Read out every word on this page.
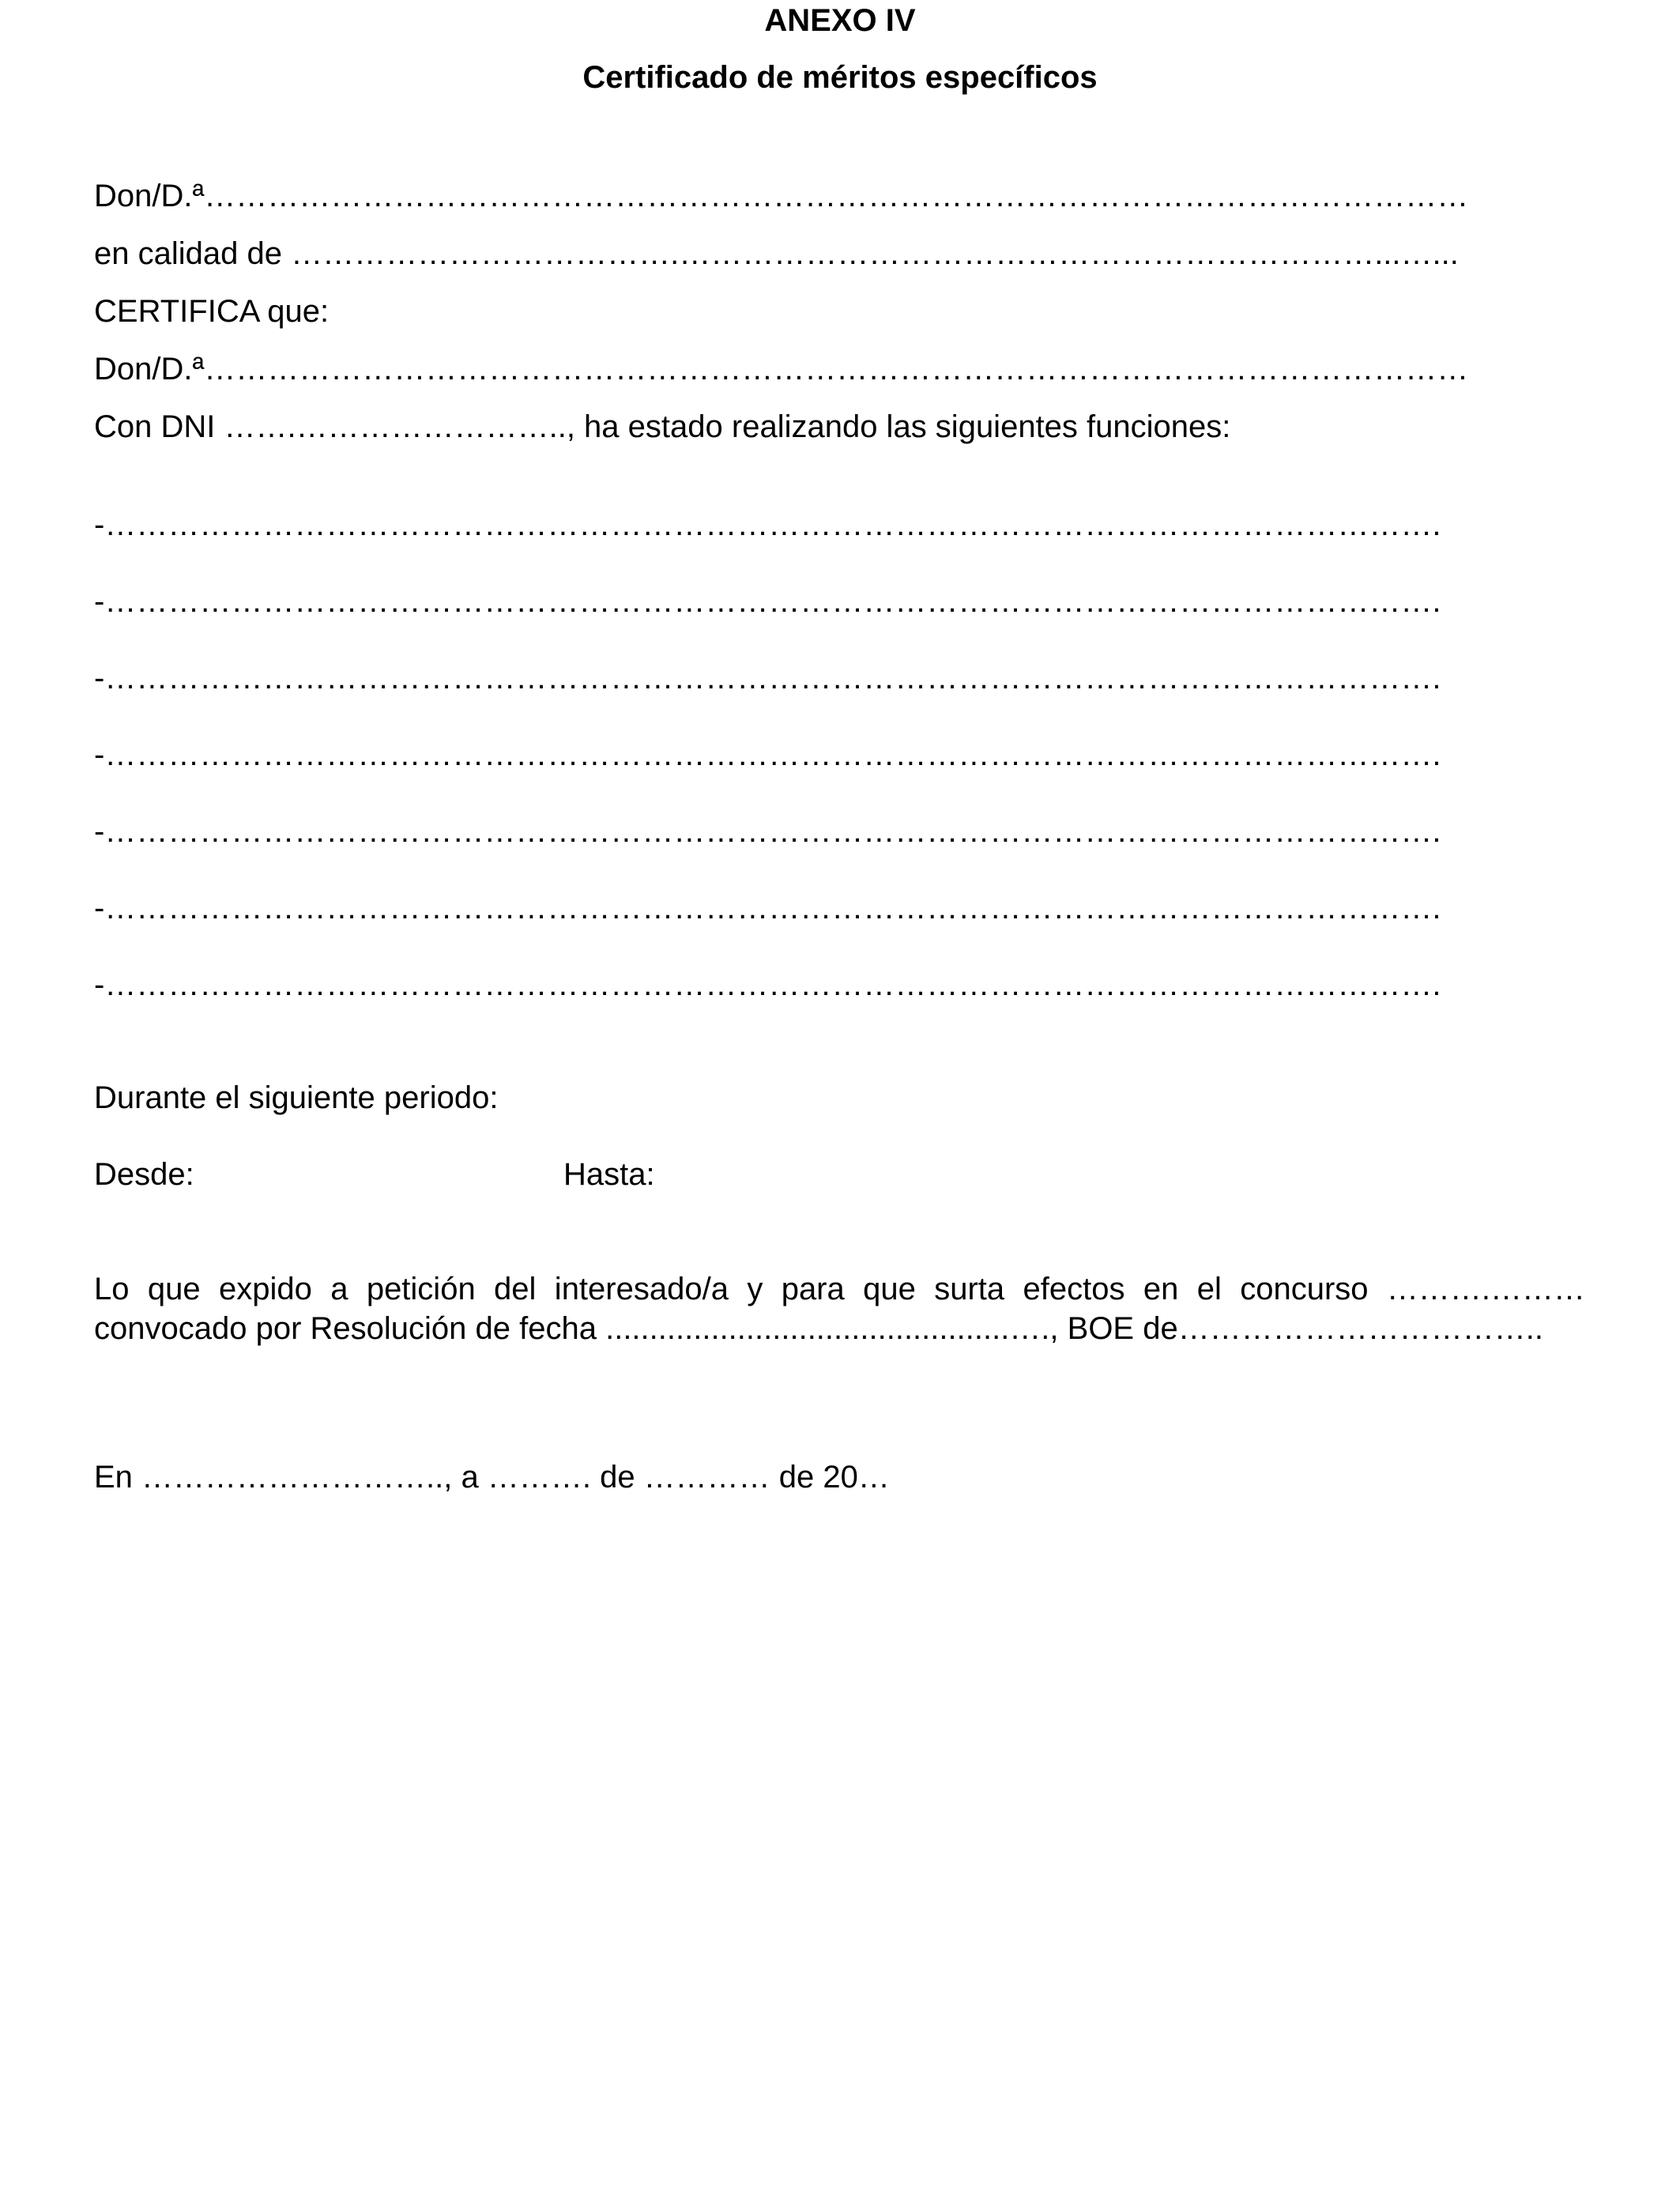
ANEXO IV
Certificado de méritos específicos
Don/D.ª…………………………………………………………………………………………………………
en calidad de ……………………………….…………………………………………………………...…...
CERTIFICA que:
Don/D.ª…………………………………………………………………………………………………………
Con DNI …….…………………….., ha estado realizando las siguientes funciones:
-……………………………………………………………………………………………………………….
-……………………………………………………………………………………………………………….
-……………………………………………………………………………………………………………….
-……………………………………………………………………………………………………………….
-……………………………………………………………………………………………………………….
-……………………………………………………………………………………………………………….
-……………………………………………………………………………………………………………….
Durante el siguiente periodo:
Desde:	Hasta:
Lo que expido a petición del interesado/a y para que surta efectos en el concurso ……….………
convocado por Resolución de fecha ..............................................…., BOE de……………………………..
En ……………………….., a ………. de ………… de 20…
